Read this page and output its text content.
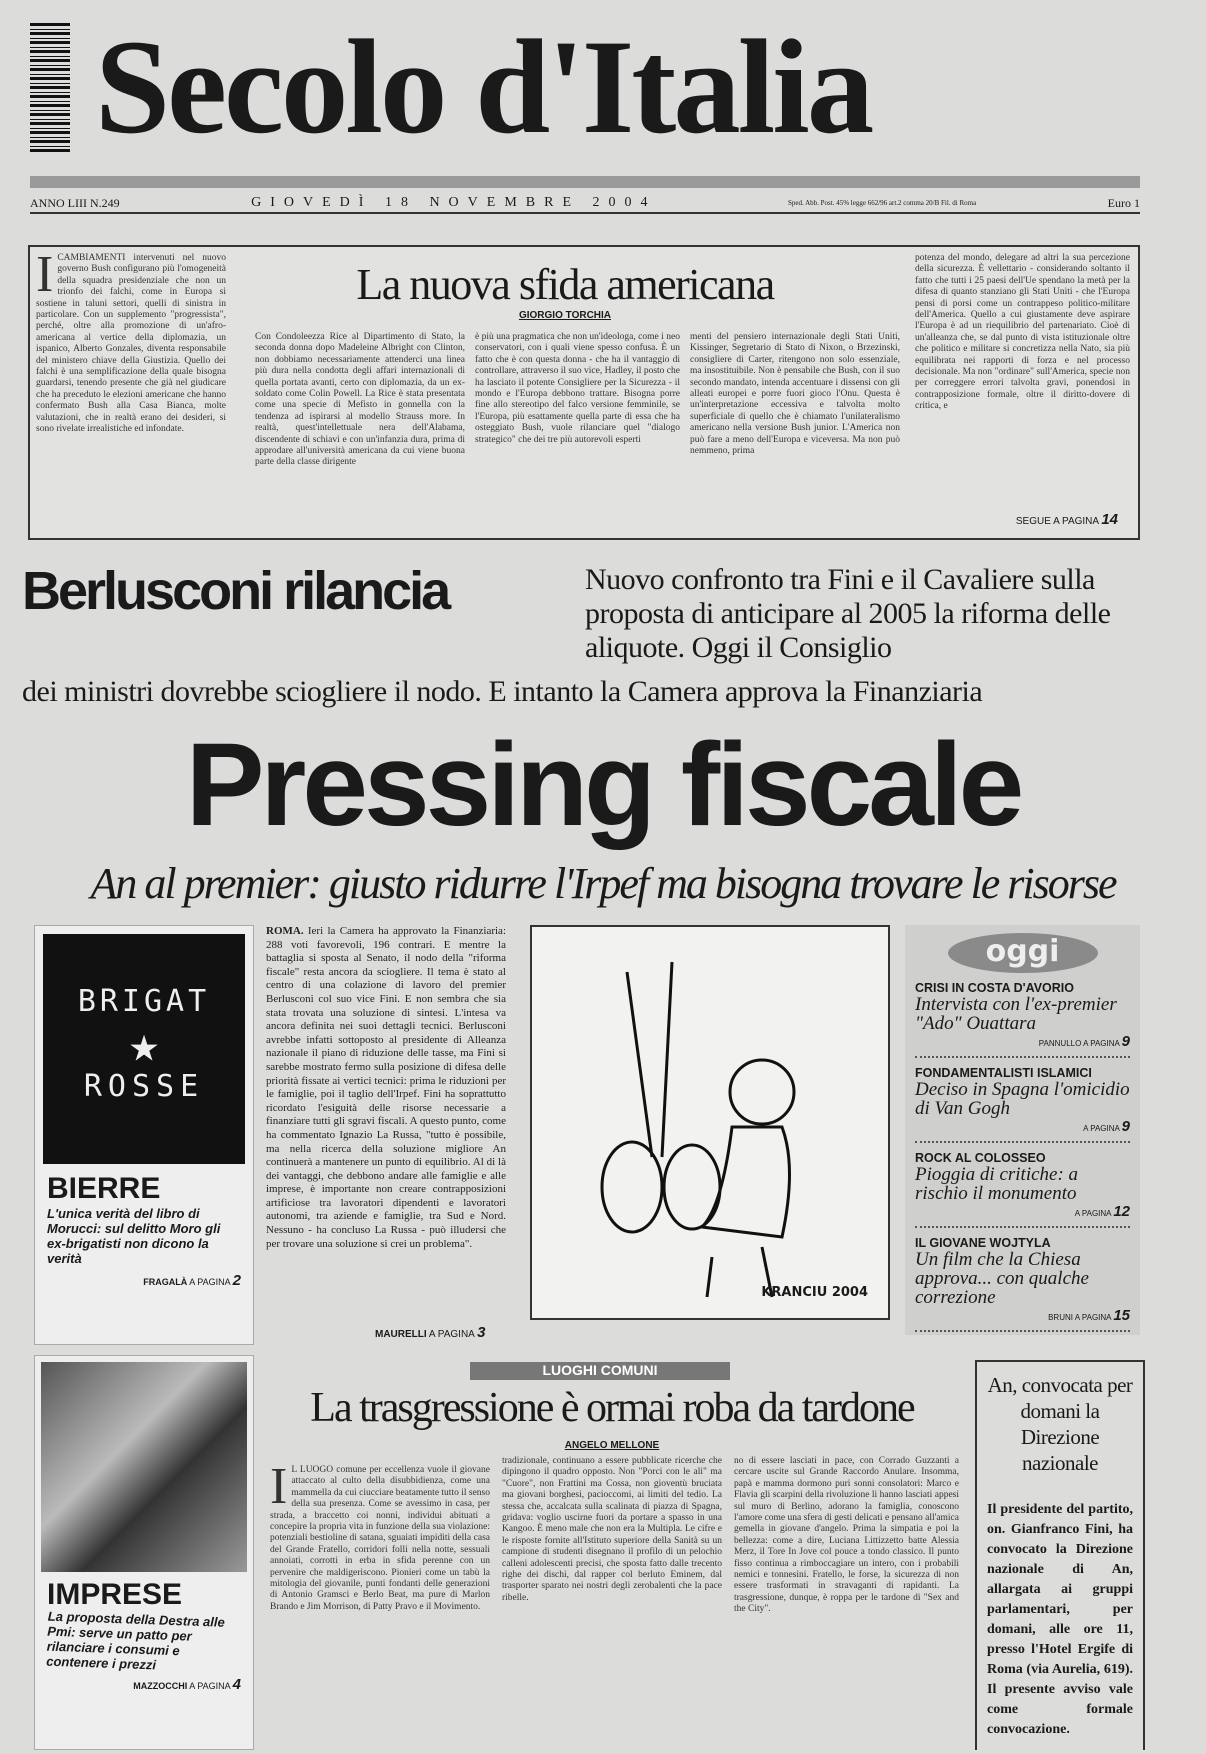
Secolo d'Italia
ANNO LIII N.249	GIOVEDÌ 18 NOVEMBRE 2004	Sped. Abb. Post. 45% legge 662/96 art.2 comma 20/B Fil. di Roma	Euro 1
ICAMBIAMENTI intervenuti nel nuovo governo Bush configurano più l'omogeneità della squadra presidenziale che non un trionfo dei falchi, come in Europa si sostiene in taluni settori, quelli di sinistra in particolare. Con un supplemento "progressista", perché, oltre alla promozione di un'afro-americana al vertice della diplomazia, un ispanico, Alberto Gonzales, diventa responsabile del ministero chiave della Giustizia. Quello dei falchi è una semplificazione della quale bisogna guardarsi, tenendo presente che già nel giudicare che ha preceduto le elezioni americane che hanno confermato Bush alla Casa Bianca, molte valutazioni, che in realtà erano dei desideri, si sono rivelate irrealistiche ed infondate.
La nuova sfida americana
GIORGIO TORCHIA
Con Condoleezza Rice al Dipartimento di Stato, la seconda donna dopo Madeleine Albright con Clinton, non dobbiamo necessariamente attenderci una linea più dura nella condotta degli affari internazionali di quella portata avanti, certo con diplomazia, da un ex-soldato come Colin Powell. La Rice è stata presentata come una specie di Mefisto in gonnella con la tendenza ad ispirarsi al modello Strauss more. In realtà, quest'intellettuale nera dell'Alabama, discendente di schiavi e con un'infanzia dura, prima di approdare all'università americana da cui viene buona parte della classe dirigente
è più una pragmatica che non un'ideologa, come i neo conservatori, con i quali viene spesso confusa. È un fatto che è con questa donna - che ha il vantaggio di controllare, attraverso il suo vice, Hadley, il posto che ha lasciato il potente Consigliere per la Sicurezza - il mondo e l'Europa debbono trattare. Bisogna porre fine allo stereotipo del falco versione femminile, se l'Europa, più esattamente quella parte di essa che ha osteggiato Bush, vuole rilanciare quel "dialogo strategico" che dei tre più autorevoli esperti
menti del pensiero internazionale degli Stati Uniti, Kissinger, Segretario di Stato di Nixon, o Brzezinski, consigliere di Carter, ritengono non solo essenziale, ma insostituibile. Non è pensabile che Bush, con il suo secondo mandato, intenda accentuare i dissensi con gli alleati europei e porre fuori gioco l'Onu. Questa è un'interpretazione eccessiva e talvolta molto superficiale di quello che è chiamato l'unilateralismo americano nella versione Bush junior. L'America non può fare a meno dell'Europa e viceversa. Ma non può nemmeno, prima
potenza del mondo, delegare ad altri la sua percezione della sicurezza. È vellettario - considerando soltanto il fatto che tutti i 25 paesi dell'Ue spendano la metà per la difesa di quanto stanziano gli Stati Uniti - che l'Europa pensi di porsi come un contrappeso politico-militare dell'America. Quello a cui giustamente deve aspirare l'Europa è ad un riequilibrio del partenariato. Cioè di un'alleanza che, se dal punto di vista istituzionale oltre che politico e militare si concretizza nella Nato, sia più equilibrata nei rapporti di forza e nel processo decisionale. Ma non "ordinare" sull'America, specie non per correggere errori talvolta gravi, ponendosi in contrapposizione formale, oltre il diritto-dovere di critica, e
SEGUE A PAGINA 14
Berlusconi rilancia	Nuovo confronto tra Fini e il Cavaliere sulla proposta di anticipare al 2005 la riforma delle aliquote. Oggi il Consiglio
dei ministri dovrebbe sciogliere il nodo. E intanto la Camera approva la Finanziaria
Pressing fiscale
An al premier: giusto ridurre l'Irpef ma bisogna trovare le risorse
BRIGAT
★
ROSSE
BIERRE
L'unica verità del libro di Morucci: sul delitto Moro gli ex-brigatisti non dicono la verità
FRAGALÀ A PAGINA 2
ROMA. Ieri la Camera ha approvato la Finanziaria: 288 voti favorevoli, 196 contrari. E mentre la battaglia si sposta al Senato, il nodo della "riforma fiscale" resta ancora da sciogliere. Il tema è stato al centro di una colazione di lavoro del premier Berlusconi col suo vice Fini. E non sembra che sia stata trovata una soluzione di sintesi. L'intesa va ancora definita nei suoi dettagli tecnici. Berlusconi avrebbe infatti sottoposto al presidente di Alleanza nazionale il piano di riduzione delle tasse, ma Fini si sarebbe mostrato fermo sulla posizione di difesa delle priorità fissate ai vertici tecnici: prima le riduzioni per le famiglie, poi il taglio dell'Irpef. Fini ha soprattutto ricordato l'esiguità delle risorse necessarie a finanziare tutti gli sgravi fiscali. A questo punto, come ha commentato Ignazio La Russa, "tutto è possibile, ma nella ricerca della soluzione migliore An continuerà a mantenere un punto di equilibrio. Al di là dei vantaggi, che debbono andare alle famiglie e alle imprese, è importante non creare contrapposizioni artificiose tra lavoratori dipendenti e lavoratori autonomi, tra aziende e famiglie, tra Sud e Nord. Nessuno - ha concluso La Russa - può illudersi che per trovare una soluzione si crei un problema".
MAURELLI A PAGINA 3
KRANCIU 2004
oggi
CRISI IN COSTA D'AVORIO
Intervista con l'ex-premier "Ado" Ouattara
PANNULLO A PAGINA 9
FONDAMENTALISTI ISLAMICI
Deciso in Spagna l'omicidio di Van Gogh
A PAGINA 9
ROCK AL COLOSSEO
Pioggia di critiche: a rischio il monumento
A PAGINA 12
IL GIOVANE WOJTYLA
Un film che la Chiesa approva... con qualche correzione
BRUNI A PAGINA 15
IMPRESE
La proposta della Destra alle Pmi: serve un patto per rilanciare i consumi e contenere i prezzi
MAZZOCCHI A PAGINA 4
LUOGHI COMUNI
La trasgressione è ormai roba da tardone
ANGELO MELLONE
I L LUOGO comune per eccellenza vuole il giovane attaccato al culto della disubbidienza, come una mammella da cui ciucciare beatamente tutto il senso della sua presenza. Come se avessimo in casa, per strada, a braccetto coi nonni, individui abituati a concepire la propria vita in funzione della sua violazione: potenziali bestioline di satana, sguaiati impiditi della casa del Grande Fratello, corridori folli nella notte, sessuali annoiati, corrotti in erba in sfida perenne con un pervenire che maldigeriscono. Pionieri come un tabù la mitologia del giovanile, punti fondanti delle generazioni di Antonio Gramsci e Berlo Beat, ma pure di Marlon Brando e Jim Morrison, di Patty Pravo e il Movimento.
tradizionale, continuano a essere pubblicate ricerche che dipingono il quadro opposto. Non "Porci con le ali" ma "Cuore", non Frattini ma Cossa, non gioventù bruciata ma giovani borghesi, pacioccomi, ai limiti del tedio. La stessa che, accalcata sulla scalinata di piazza di Spagna, gridava: voglio uscirne fuori da portare a spasso in una Kangoo. È meno male che non era la Multipla. Le cifre e le risposte fornite all'Istituto superiore della Sanità su un campione di studenti disegnano il profilo di un pelochio calleni adolescenti precisi, che sposta fatto dalle trecento righe dei dischi, dal rapper col berluto Eminem, dal trasporter sparato nei nostri degli zerobalenti che la pace ribelle.
no di essere lasciati in pace, con Corrado Guzzanti a cercare uscite sul Grande Raccordo Anulare. Insomma, papà e mamma dormono puri sonni consolatori: Marco e Flavia gli scarpini della rivoluzione li hanno lasciati appesi sul muro di Berlino, adorano la famiglia, conoscono l'amore come una sfera di gesti delicati e pensano all'amica gemella in giovane d'angelo. Prima la simpatia e poi la bellezza: come a dire, Luciana Littizzetto batte Alessia Merz, il Tore In Jove col pouce a tondo classico. Il punto fisso continua a rimboccagiare un intero, con i probabili nemici e tonnesini. Fratello, le forse, la sicurezza di non essere trasformati in stravaganti di rapidanti. La trasgressione, dunque, è roppa per le tardone di "Sex and the City".
An, convocata per domani la Direzione nazionale
Il presidente del partito, on. Gianfranco Fini, ha convocato la Direzione nazionale di An, allargata ai gruppi parlamentari, per domani, alle ore 11, presso l'Hotel Ergife di Roma (via Aurelia, 619). Il presente avviso vale come formale convocazione.
